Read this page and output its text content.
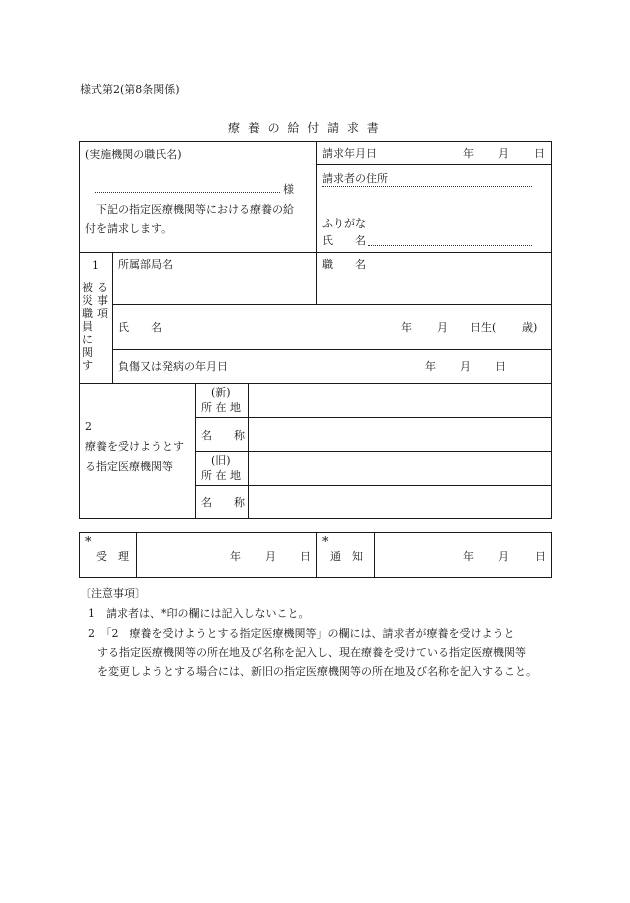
様式第2(第8条関係)
療 養 の 給 付 請 求 書
(実施機関の職氏名)
様
下記の指定医療機関等における療養の給
付を請求します。
請求年月日	年 月 日
請求者の住所
ふりがな
氏　　名
1
被
災
職
員
に
関
す
る
事
項
所属部局名	職　　名
氏　　名	年 月 日生( 歳)
負傷又は発病の年月日	年 月 日
2
療養を受けようとす
る指定医療機関等
(新)
所 在 地
名　　称
(旧)
所 在 地
名　　称
*
受　理	年 月 日
*
通　知	年 月 日
〔注意事項〕
1　請求者は、*印の欄には記入しないこと。
2　「2　療養を受けようとする指定医療機関等」の欄には、請求者が療養を受けようと
する指定医療機関等の所在地及び名称を記入し、現在療養を受けている指定医療機関等
を変更しようとする場合には、新旧の指定医療機関等の所在地及び名称を記入すること。
